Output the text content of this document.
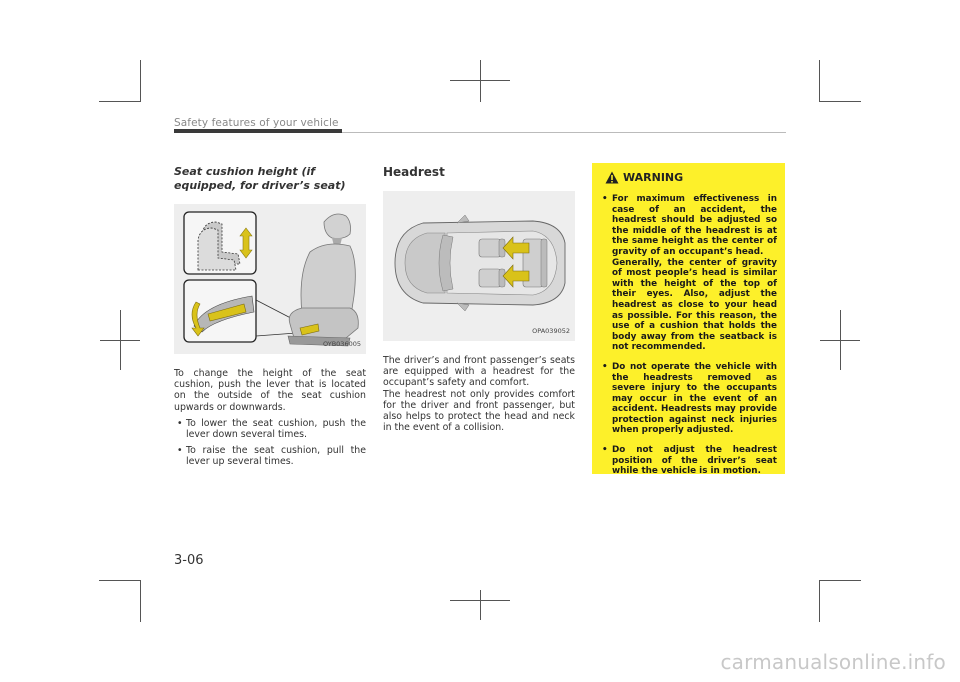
Safety features of your vehicle
Seat cushion height (if equipped, for driver’s seat)
OYB036005

To change the height of the seat cushion, push the lever that is located on the outside of the seat cushion upwards or downwards.

• To lower the seat cushion, push the lever down several times.
• To raise the seat cushion, pull the lever up several times.
Headrest
OPA039052

The driver’s and front passenger’s seats are equipped with a headrest for the occupant’s safety and comfort.

The headrest not only provides comfort for the driver and front passenger, but also helps to protect the head and neck in the event of a collision.

WARNING
• For maximum effectiveness in case of an accident, the headrest should be adjusted so the middle of the headrest is at the same height as the center of gravity of an occupant’s head.
Generally, the center of gravity of most people’s head is similar with the height of the top of their eyes. Also, adjust the headrest as close to your head as possible. For this reason, the use of a cushion that holds the body away from the seatback is not recommended.
• Do not operate the vehicle with the headrests removed as severe injury to the occupants may occur in the event of an accident. Headrests may provide protection against neck injuries when properly adjusted.
• Do not adjust the headrest position of the driver’s seat while the vehicle is in motion.
3-06
carmanualsonline.info
